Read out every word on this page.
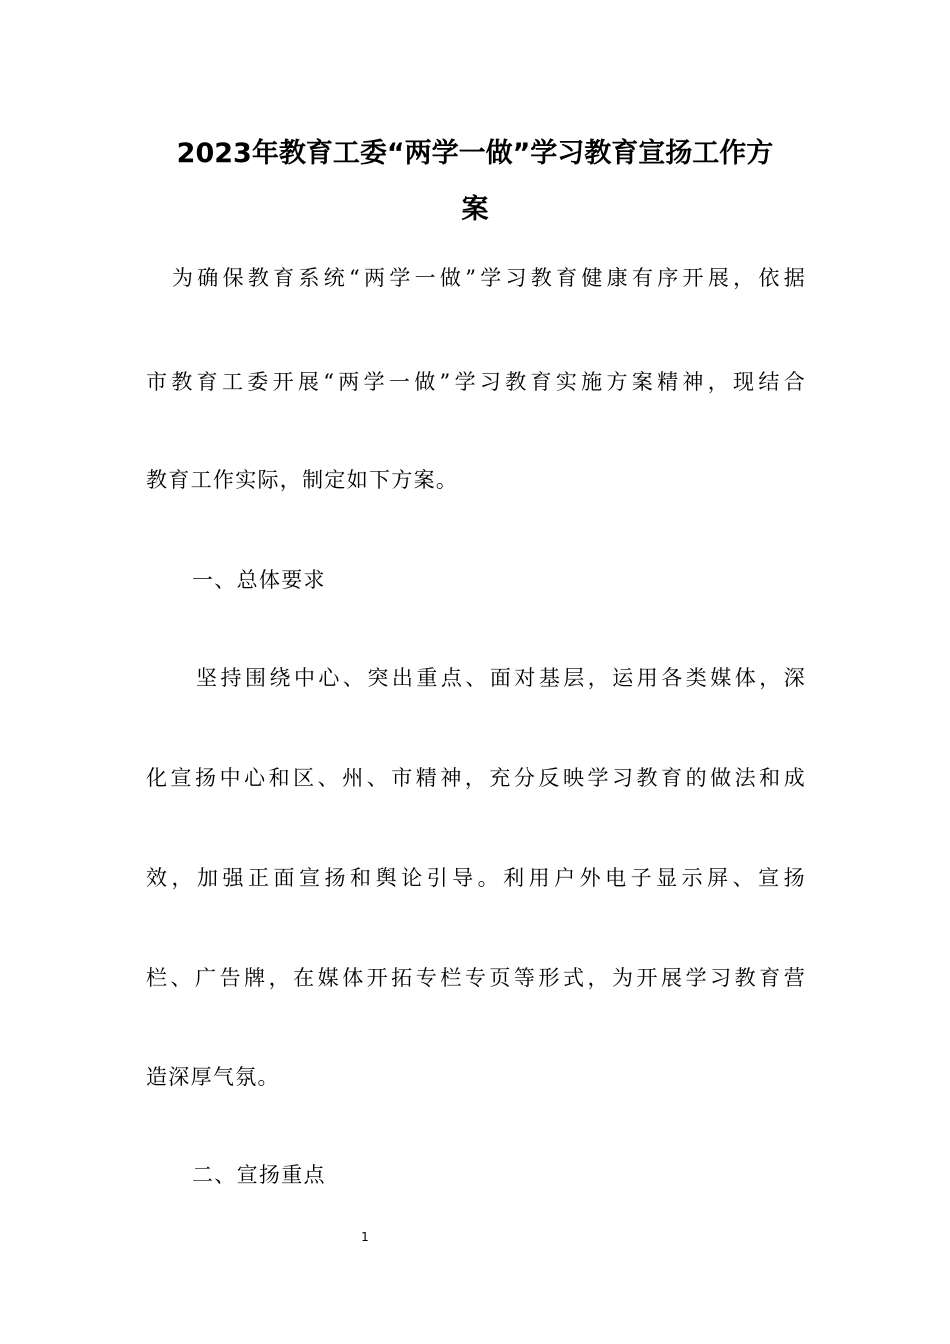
2023年教育工委“两学一做”学习教育宣扬工作方
案
为确保教育系统“两学一做”学习教育健康有序开展，依据
市教育工委开展“两学一做”学习教育实施方案精神，现结合
教育工作实际，制定如下方案。
一、总体要求
坚持围绕中心、突出重点、面对基层，运用各类媒体，深
化宣扬中心和区、州、市精神，充分反映学习教育的做法和成
效，加强正面宣扬和舆论引导。利用户外电子显示屏、宣扬
栏、广告牌，在媒体开拓专栏专页等形式，为开展学习教育营
造深厚气氛。
二、宣扬重点
1
